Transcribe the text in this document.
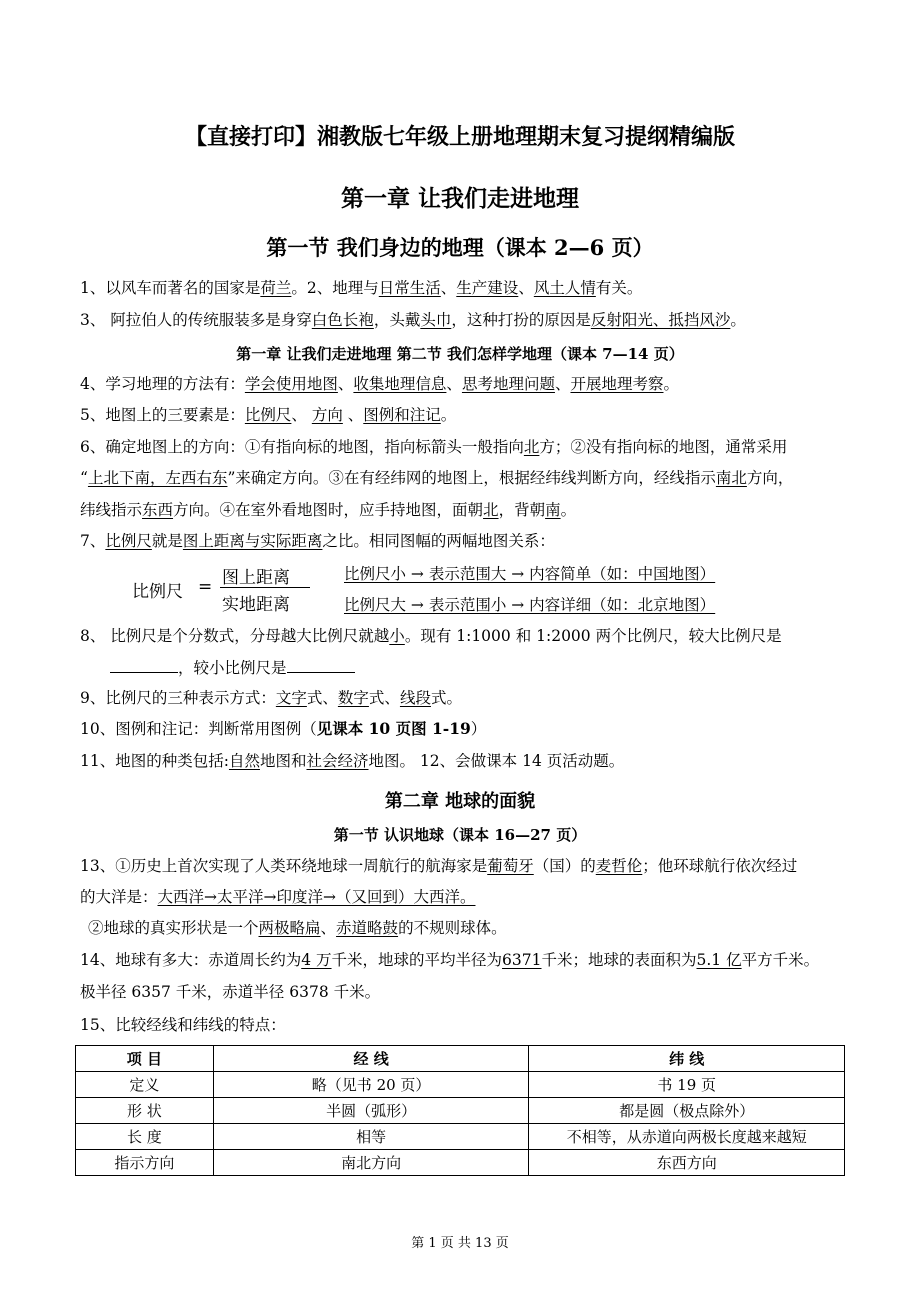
【直接打印】湘教版七年级上册地理期末复习提纲精编版
第一章 让我们走进地理
第一节 我们身边的地理（课本 2—6 页）
1、以风车而著名的国家是荷兰。2、地理与日常生活、生产建设、风土人情有关。
3、 阿拉伯人的传统服装多是身穿白色长袍，头戴头巾，这种打扮的原因是反射阳光、抵挡风沙。
第一章 让我们走进地理 第二节 我们怎样学地理（课本 7—14 页）
4、学习地理的方法有：学会使用地图、收集地理信息、思考地理问题、开展地理考察。
5、地图上的三要素是：比例尺、 方向 、图例和注记。
6、确定地图上的方向：①有指向标的地图，指向标箭头一般指向北方；②没有指向标的地图，通常采用
“上北下南，左西右东”来确定方向。③在有经纬网的地图上，根据经纬线判断方向，经线指示南北方向，
纬线指示东西方向。④在室外看地图时，应手持地图，面朝北，背朝南。
7、比例尺就是图上距离与实际距离之比。相同图幅的两幅地图关系：
比例尺 = 图上距离
实地距离
比例尺小 → 表示范围大 → 内容简单（如：中国地图）
比例尺大 → 表示范围小 → 内容详细（如：北京地图）
8、 比例尺是个分数式，分母越大比例尺就越小。现有 1:1000 和 1:2000 两个比例尺，较大比例尺是
，较小比例尺是
9、比例尺的三种表示方式：文字式、数字式、线段式。
10、图例和注记：判断常用图例（见课本 10 页图 1-19）
11、地图的种类包括:自然地图和社会经济地图。 12、会做课本 14 页活动题。
第二章 地球的面貌
第一节 认识地球（课本 16—27 页）
13、①历史上首次实现了人类环绕地球一周航行的航海家是葡萄牙（国）的麦哲伦；他环球航行依次经过
的大洋是：大西洋→太平洋→印度洋→（又回到）大西洋。
②地球的真实形状是一个两极略扁、赤道略鼓的不规则球体。
14、地球有多大：赤道周长约为4 万千米，地球的平均半径为6371千米；地球的表面积为5.1 亿平方千米。
极半径 6357 千米，赤道半径 6378 千米。
15、比较经线和纬线的特点：
项 目	经 线	纬 线
定义	略（见书 20 页）	书 19 页
形 状	半圆（弧形）	都是圆（极点除外）
长 度	相等	不相等，从赤道向两极长度越来越短
指示方向	南北方向	东西方向
第 1 页 共 13 页
